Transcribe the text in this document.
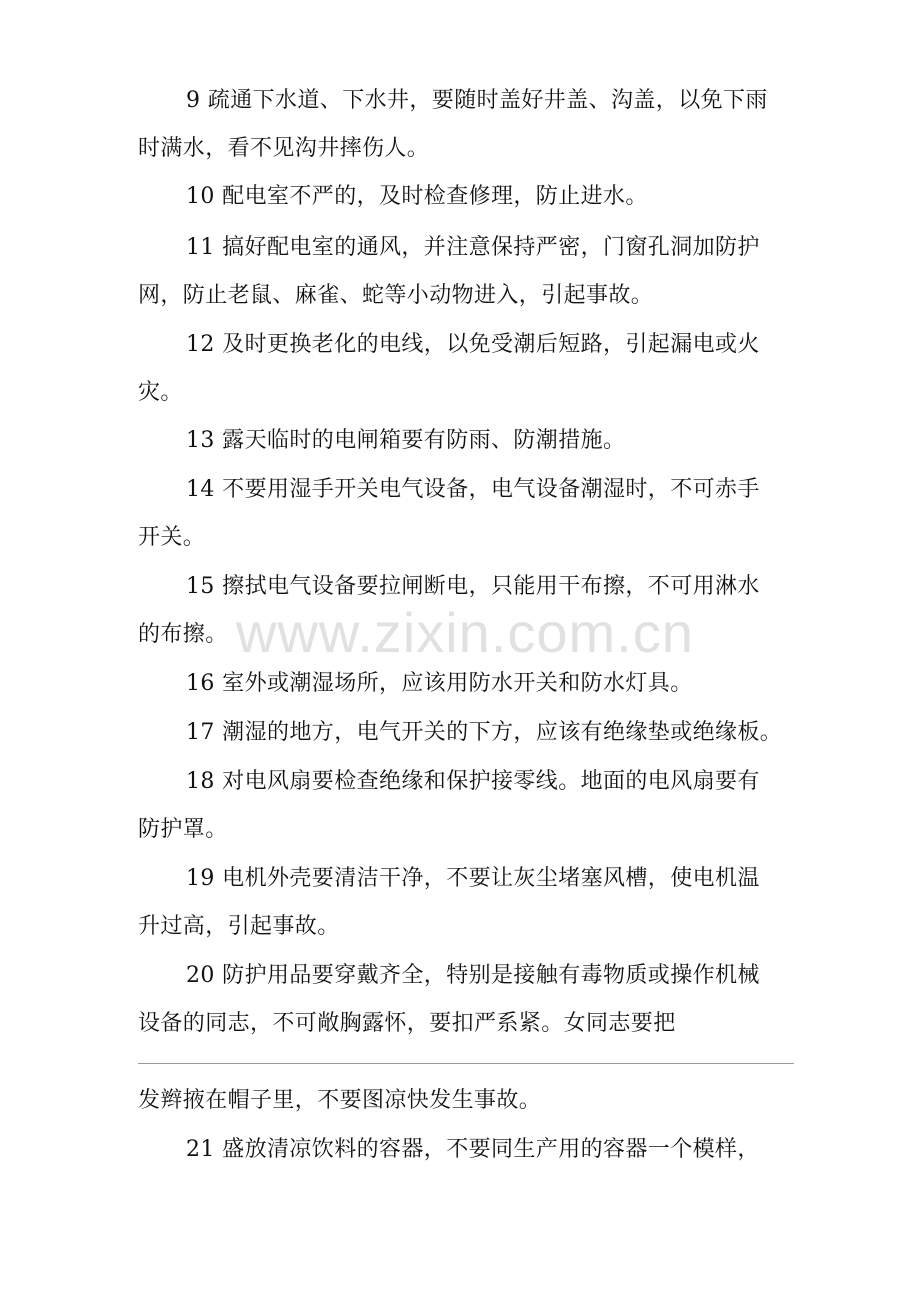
9 疏通下水道、下水井，要随时盖好井盖、沟盖，以免下雨
时满水，看不见沟井摔伤人。
10 配电室不严的，及时检查修理，防止进水。
11 搞好配电室的通风，并注意保持严密，门窗孔洞加防护
网，防止老鼠、麻雀、蛇等小动物进入，引起事故。
12 及时更换老化的电线，以免受潮后短路，引起漏电或火
灾。
13 露天临时的电闸箱要有防雨、防潮措施。
14 不要用湿手开关电气设备，电气设备潮湿时，不可赤手
开关。
15 擦拭电气设备要拉闸断电，只能用干布擦，不可用淋水
的布擦。
16 室外或潮湿场所，应该用防水开关和防水灯具。
17 潮湿的地方，电气开关的下方，应该有绝缘垫或绝缘板。
18 对电风扇要检查绝缘和保护接零线。地面的电风扇要有
防护罩。
19 电机外壳要清洁干净，不要让灰尘堵塞风槽，使电机温
升过高，引起事故。
20 防护用品要穿戴齐全，特别是接触有毒物质或操作机械
设备的同志，不可敞胸露怀，要扣严系紧。女同志要把
发辫掖在帽子里，不要图凉快发生事故。
21 盛放清凉饮料的容器，不要同生产用的容器一个模样，
www.zixin.com.cn
